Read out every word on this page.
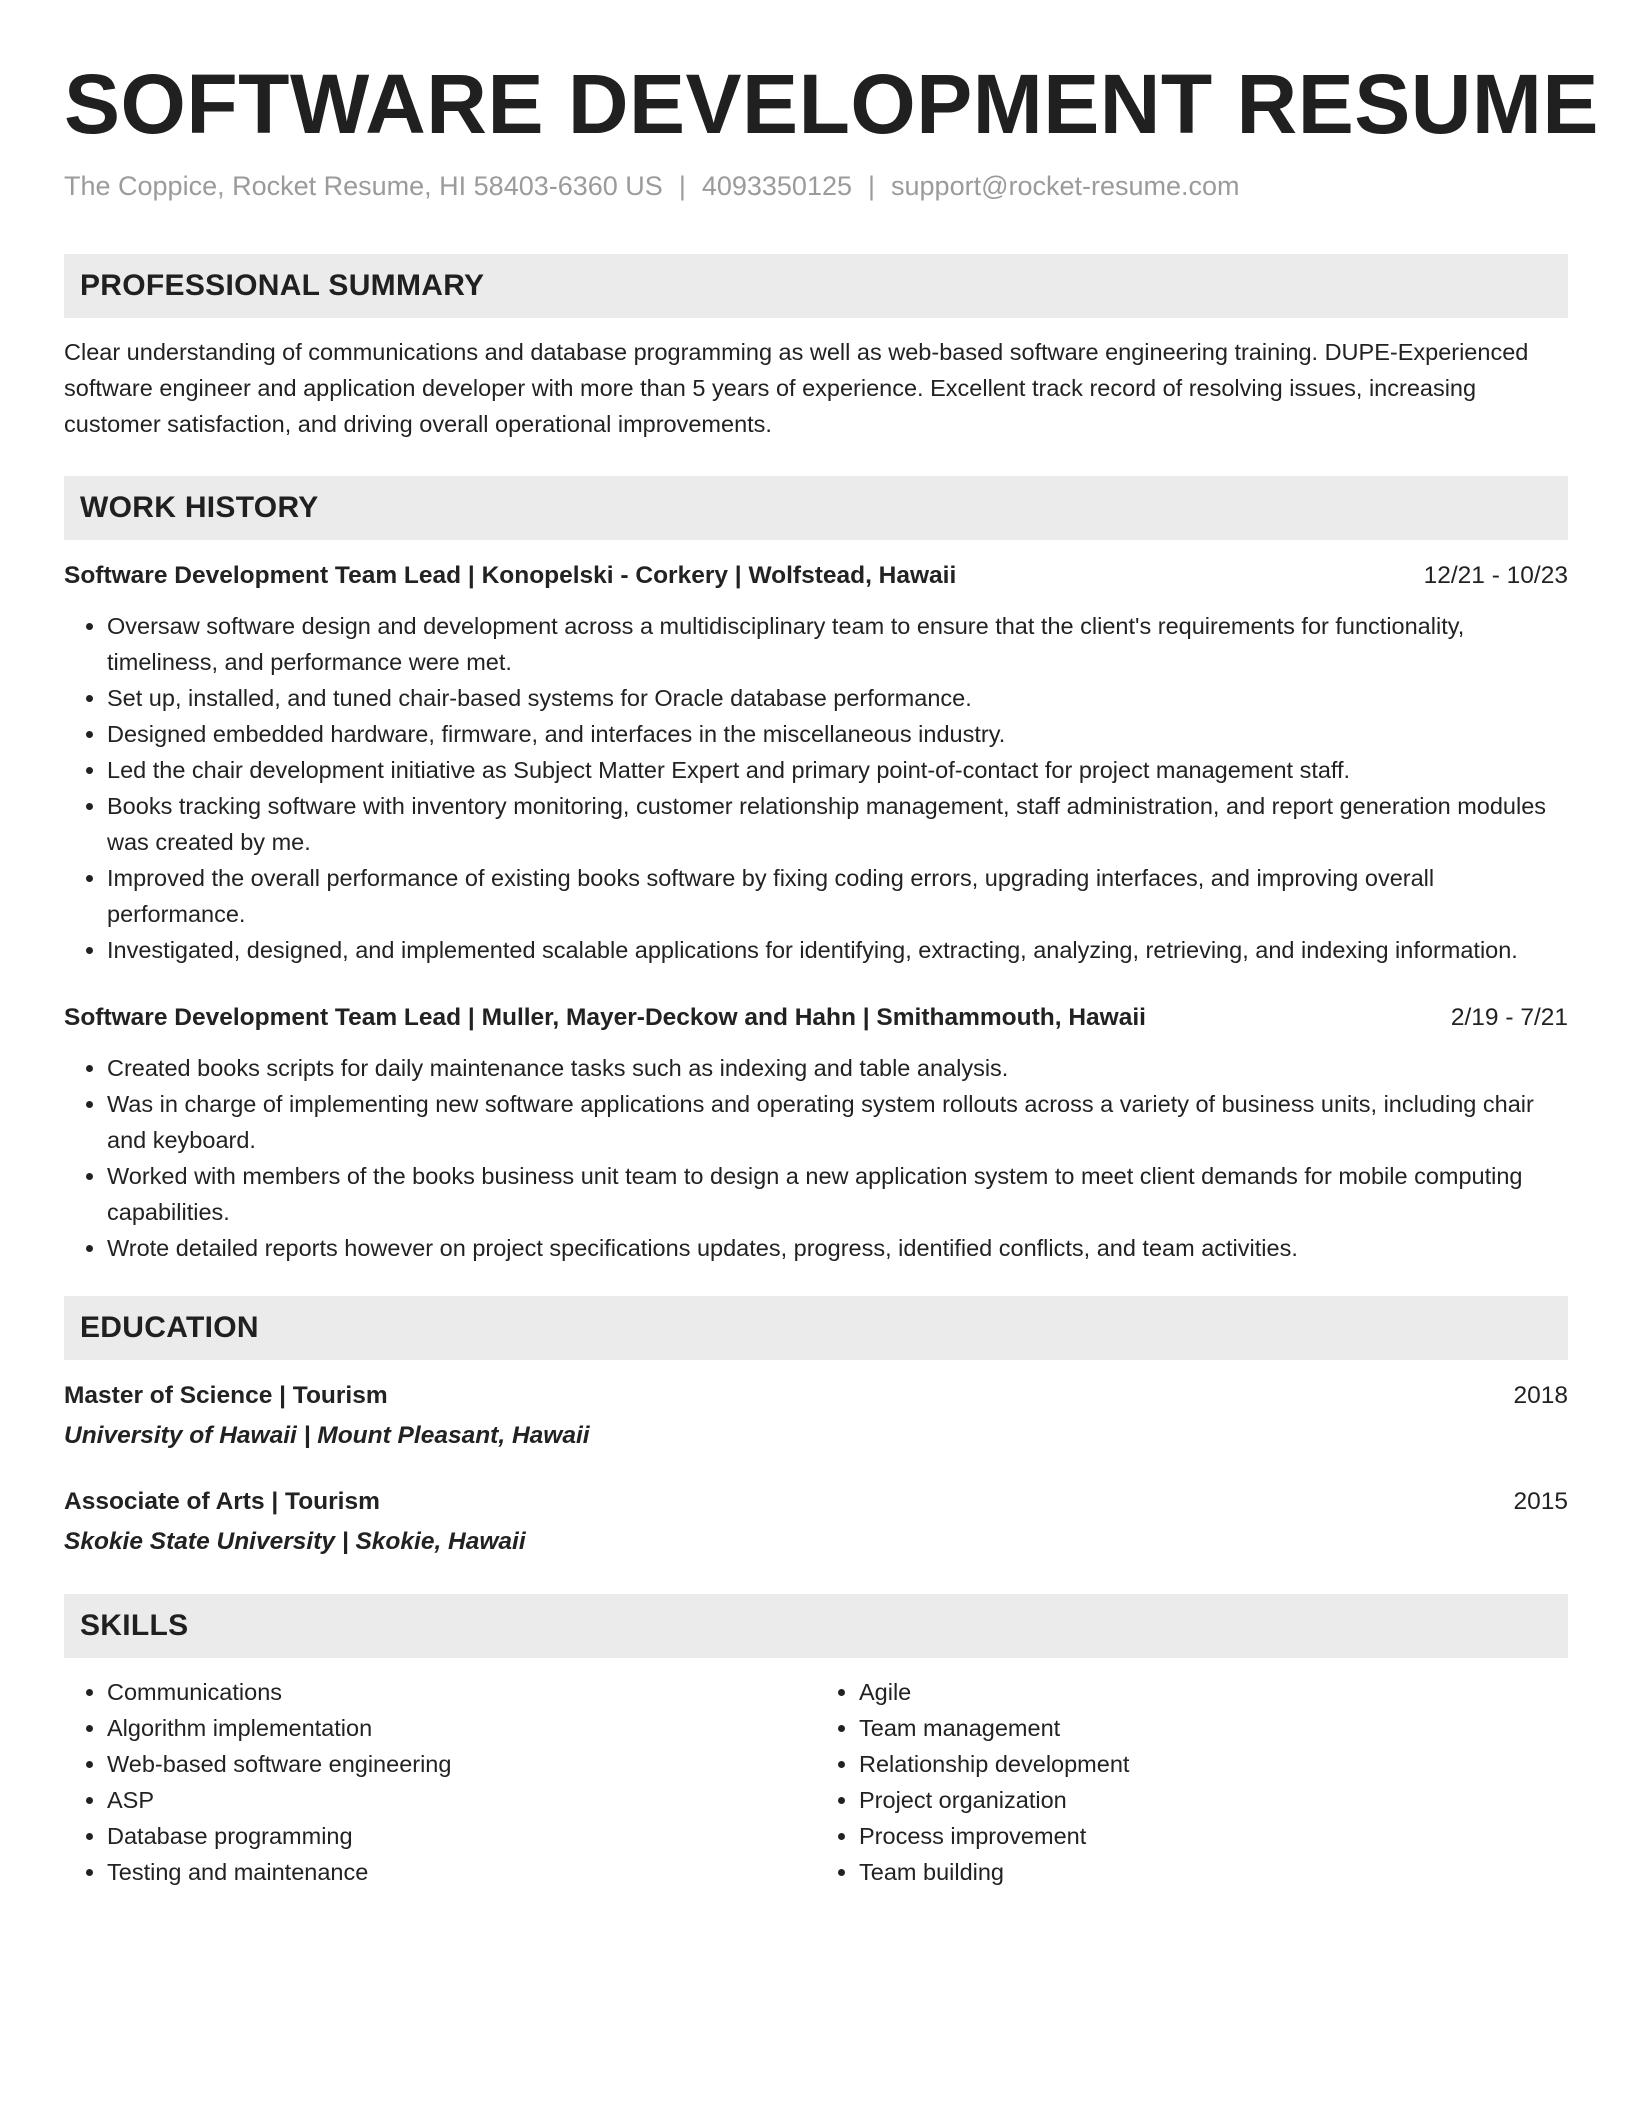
SOFTWARE DEVELOPMENT RESUME
The Coppice, Rocket Resume, HI 58403-6360 US | 4093350125 | support@rocket-resume.com
PROFESSIONAL SUMMARY

Clear understanding of communications and database programming as well as web-based software engineering training. DUPE-Experienced software engineer and application developer with more than 5 years of experience. Excellent track record of resolving issues, increasing customer satisfaction, and driving overall operational improvements.

WORK HISTORY
Software Development Team Lead | Konopelski - Corkery | Wolfstead, Hawaii	12/21 - 10/23
• Oversaw software design and development across a multidisciplinary team to ensure that the client's requirements for functionality, timeliness, and performance were met.
• Set up, installed, and tuned chair-based systems for Oracle database performance.
• Designed embedded hardware, firmware, and interfaces in the miscellaneous industry.
• Led the chair development initiative as Subject Matter Expert and primary point-of-contact for project management staff.
• Books tracking software with inventory monitoring, customer relationship management, staff administration, and report generation modules was created by me.
• Improved the overall performance of existing books software by fixing coding errors, upgrading interfaces, and improving overall performance.
• Investigated, designed, and implemented scalable applications for identifying, extracting, analyzing, retrieving, and indexing information.
Software Development Team Lead | Muller, Mayer-Deckow and Hahn | Smithammouth, Hawaii	2/19 - 7/21
• Created books scripts for daily maintenance tasks such as indexing and table analysis.
• Was in charge of implementing new software applications and operating system rollouts across a variety of business units, including chair and keyboard.
• Worked with members of the books business unit team to design a new application system to meet client demands for mobile computing capabilities.
• Wrote detailed reports however on project specifications updates, progress, identified conflicts, and team activities.
EDUCATION
Master of Science | Tourism	2018
University of Hawaii | Mount Pleasant, Hawaii
Associate of Arts | Tourism	2015
Skokie State University | Skokie, Hawaii
SKILLS
• Communications
• Algorithm implementation
• Web-based software engineering
• ASP
• Database programming
• Testing and maintenance
• Agile
• Team management
• Relationship development
• Project organization
• Process improvement
• Team building
